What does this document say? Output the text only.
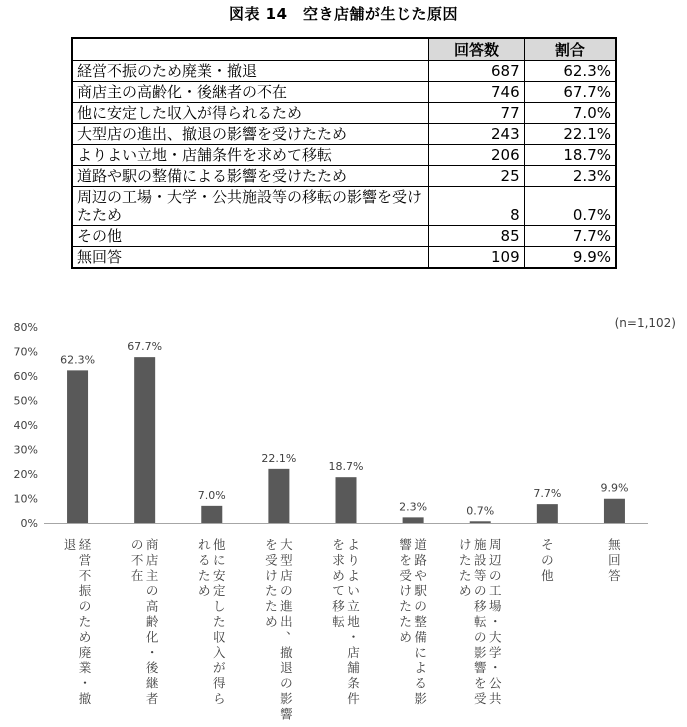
図表 14　空き店舗が生じた原因
	回答数	割合
経営不振のため廃業・撤退	687	62.3%
商店主の高齢化・後継者の不在	746	67.7%
他に安定した収入が得られるため	77	7.0%
大型店の進出、撤退の影響を受けたため	243	22.1%
よりよい立地・店舗条件を求めて移転	206	18.7%
道路や駅の整備による影響を受けたため	25	2.3%
周辺の工場・大学・公共施設等の移転の影響を受けたため	8	0.7%
その他	85	7.7%
無回答	109	9.9%
0%
10%
20%
30%
40%
50%
60%
70%
80%	(n=1,102)
62.3%
経
営
不
振
の
た
め
廃
業
・
撤
退
67.7%
商
店
主
の
高
齢
化
・
後
継
者
の
不
在
7.0%
他
に
安
定
し
た
収
入
が
得
ら
れ
る
た
め
22.1%
大
型
店
の
進
出
、
撤
退
の
影
響
を
受
け
た
た
め
18.7%
よ
り
よ
い
立
地
・
店
舗
条
件
を
求
め
て
移
転
2.3%
道
路
や
駅
の
整
備
に
よ
る
影
響
を
受
け
た
た
め
0.7%
周
辺
の
工
場
・
大
学
・
公
共
施
設
等
の
移
転
の
影
響
を
受
け
た
た
め
7.7%
そ
の
他
9.9%
無
回
答
